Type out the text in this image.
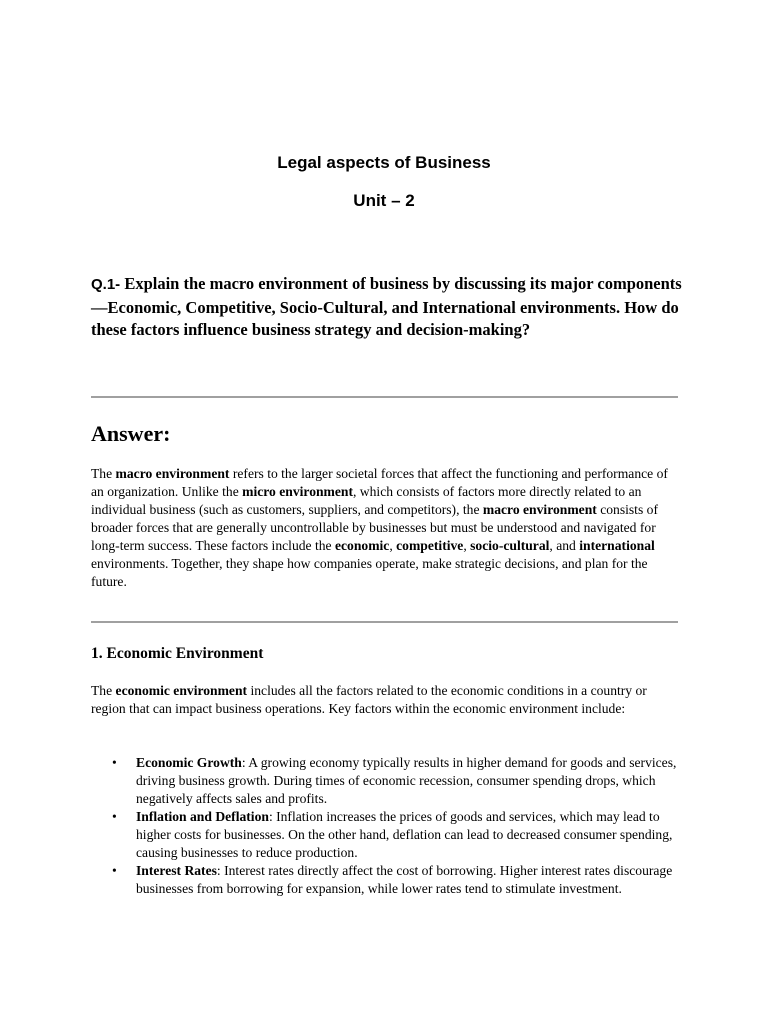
Legal aspects of Business
Unit – 2
Q.1- Explain the macro environment of business by discussing its major components—Economic, Competitive, Socio-Cultural, and International environments. How do these factors influence business strategy and decision-making?
Answer:
The macro environment refers to the larger societal forces that affect the functioning and performance of an organization. Unlike the micro environment, which consists of factors more directly related to an individual business (such as customers, suppliers, and competitors), the macro environment consists of broader forces that are generally uncontrollable by businesses but must be understood and navigated for long-term success. These factors include the economic, competitive, socio-cultural, and international environments. Together, they shape how companies operate, make strategic decisions, and plan for the future.
1. Economic Environment
The economic environment includes all the factors related to the economic conditions in a country or region that can impact business operations. Key factors within the economic environment include:
• Economic Growth: A growing economy typically results in higher demand for goods and services, driving business growth. During times of economic recession, consumer spending drops, which negatively affects sales and profits.
• Inflation and Deflation: Inflation increases the prices of goods and services, which may lead to higher costs for businesses. On the other hand, deflation can lead to decreased consumer spending, causing businesses to reduce production.
• Interest Rates: Interest rates directly affect the cost of borrowing. Higher interest rates discourage businesses from borrowing for expansion, while lower rates tend to stimulate investment.
